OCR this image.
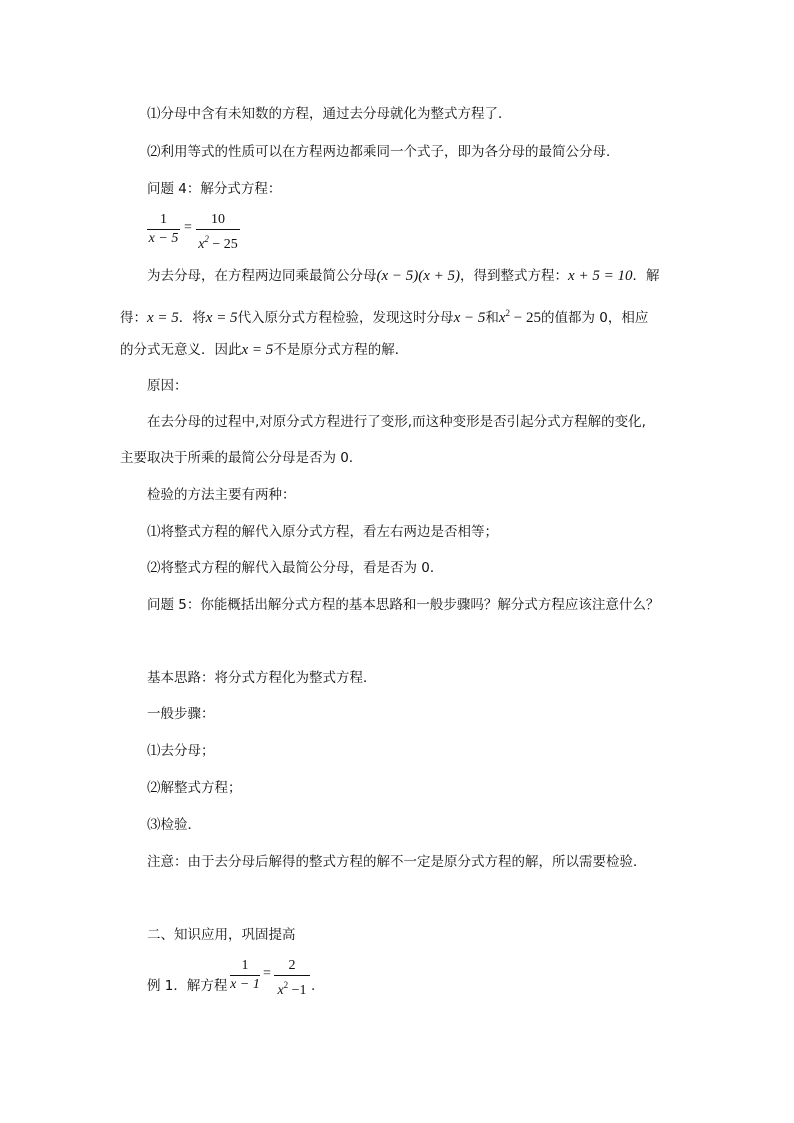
⑴分母中含有未知数的方程，通过去分母就化为整式方程了．
⑵利用等式的性质可以在方程两边都乘同一个式子，即为各分母的最简公分母．
问题 4：解分式方程：
1
x − 5
=
10
$x^2 - 25$
为去分母，在方程两边同乘最简公分母(x − 5)(x + 5)，得到整式方程：x + 5 = 10．解
得：x = 5．将x = 5代入原分式方程检验，发现这时分母x − 5和$x^2 - 25$的值都为 0，相应
的分式无意义．因此x = 5不是原分式方程的解．
原因：
在去分母的过程中,对原分式方程进行了变形,而这种变形是否引起分式方程解的变化,
主要取决于所乘的最简公分母是否为 0．
检验的方法主要有两种：
⑴将整式方程的解代入原分式方程，看左右两边是否相等；
⑵将整式方程的解代入最简公分母，看是否为 0．
问题 5：你能概括出解分式方程的基本思路和一般步骤吗？解分式方程应该注意什么？
基本思路：将分式方程化为整式方程．
一般步骤：
⑴去分母；
⑵解整式方程；
⑶检验．
注意：由于去分母后解得的整式方程的解不一定是原分式方程的解，所以需要检验．
二、知识应用，巩固提高
例 1．解方程
1
x − 1
=
2
$x^2 -1$ .
